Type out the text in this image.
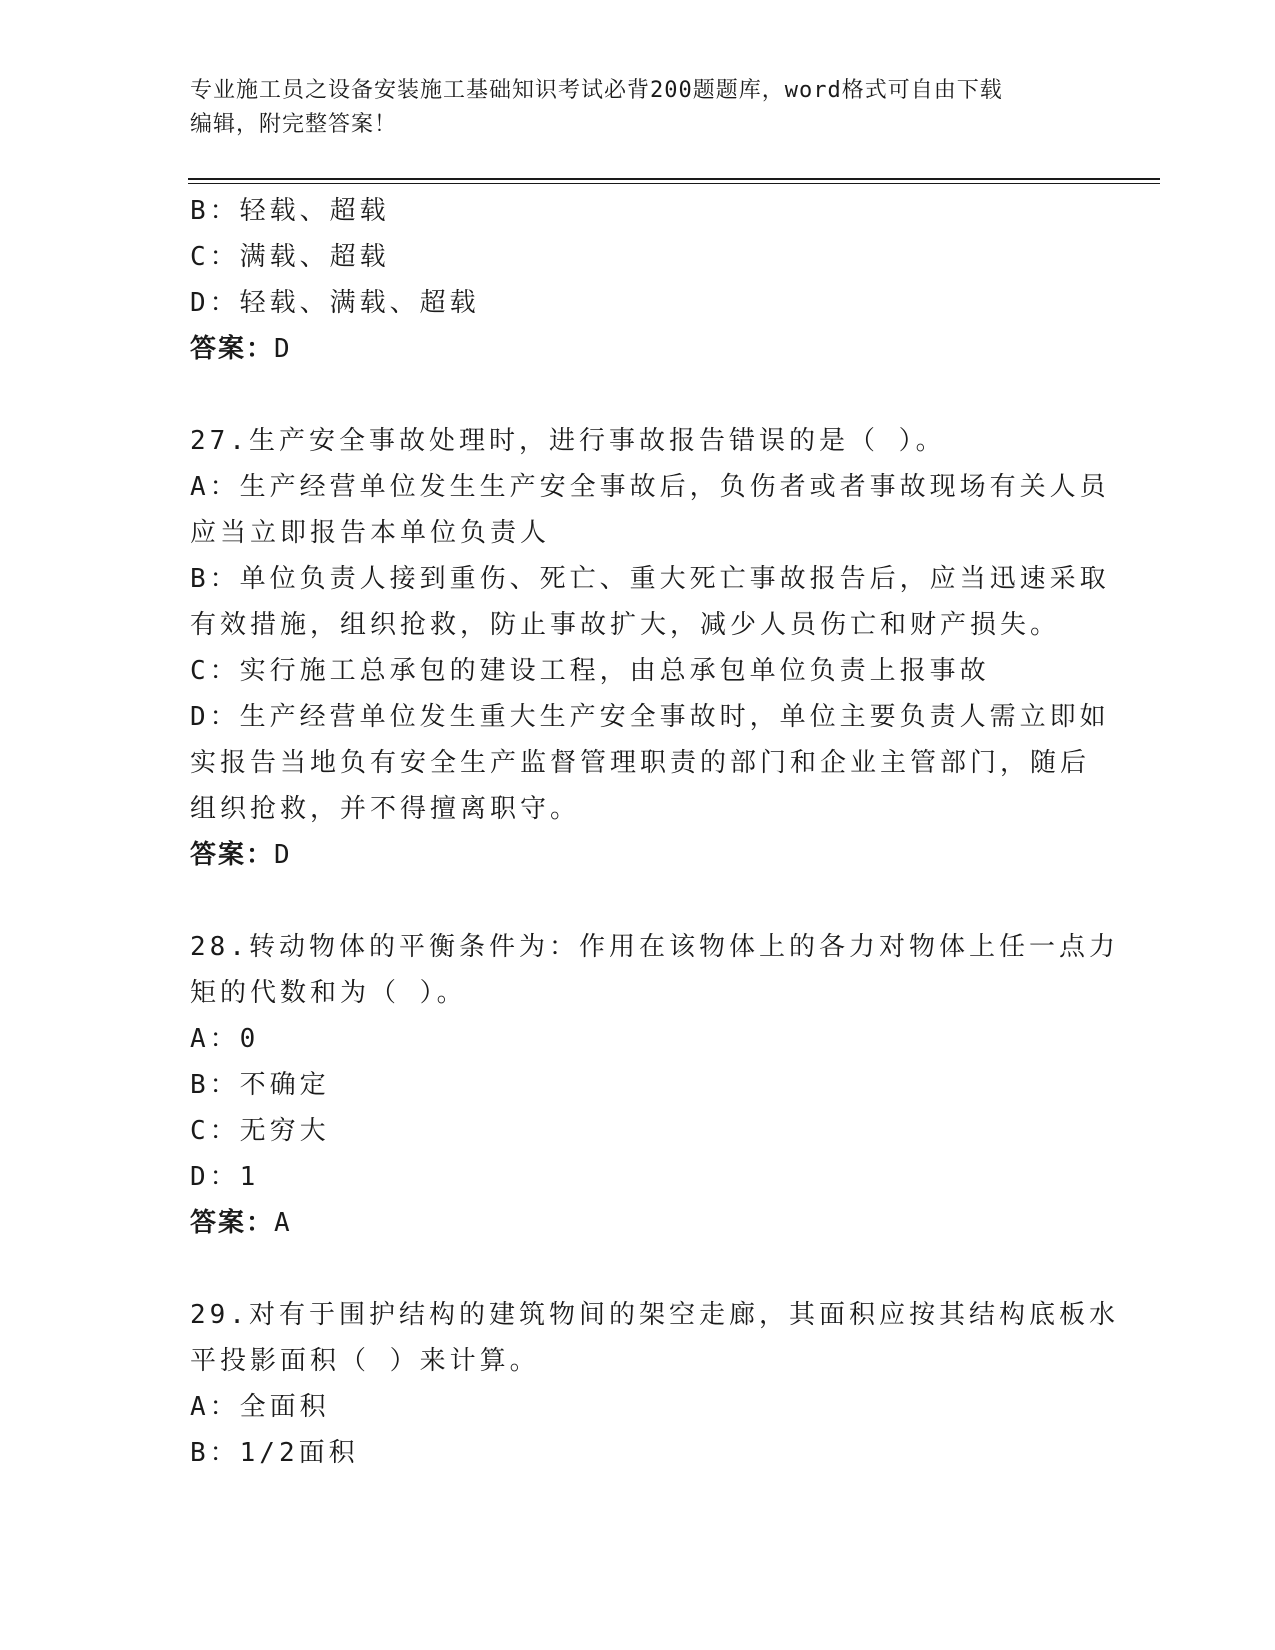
专业施工员之设备安装施工基础知识考试必背200题题库，word格式可自由下载
编辑，附完整答案！
B：轻载、超载
C：满载、超载
D：轻载、满载、超载
答案：D
27.生产安全事故处理时，进行事故报告错误的是（ ）。
A：生产经营单位发生生产安全事故后，负伤者或者事故现场有关人员
应当立即报告本单位负责人
B：单位负责人接到重伤、死亡、重大死亡事故报告后，应当迅速采取
有效措施，组织抢救，防止事故扩大，减少人员伤亡和财产损失。
C：实行施工总承包的建设工程，由总承包单位负责上报事故
D：生产经营单位发生重大生产安全事故时，单位主要负责人需立即如
实报告当地负有安全生产监督管理职责的部门和企业主管部门，随后
组织抢救，并不得擅离职守。
答案：D
28.转动物体的平衡条件为：作用在该物体上的各力对物体上任一点力
矩的代数和为（ ）。
A：0
B：不确定
C：无穷大
D：1
答案：A
29.对有于围护结构的建筑物间的架空走廊，其面积应按其结构底板水
平投影面积（ ）来计算。
A：全面积
B：1/2面积
